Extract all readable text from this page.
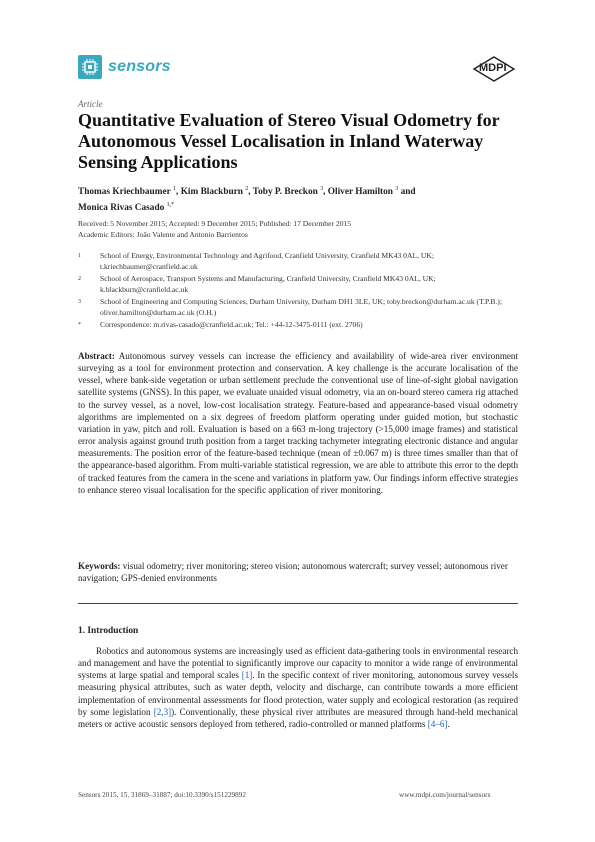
sensors	MDPI
Article
Quantitative Evaluation of Stereo Visual Odometry for Autonomous Vessel Localisation in Inland Waterway Sensing Applications
Thomas Kriechbaumer $^1$, Kim Blackburn $^2$, Toby P. Breckon $^3$, Oliver Hamilton $^3$ and
Monica Rivas Casado $^{1,*}$
Received: 5 November 2015; Accepted: 9 December 2015; Published: 17 December 2015
Academic Editors: João Valente and Antonio Barrientos
1	School of Energy, Environmental Technology and Agrifood, Cranfield University, Cranfield MK43 0AL, UK; t.kriechbaumer@cranfield.ac.uk
2	School of Aerospace, Transport Systems and Manufacturing, Cranfield University, Cranfield MK43 0AL, UK; k.blackburn@cranfield.ac.uk
3	School of Engineering and Computing Sciences, Durham University, Durham DH1 3LE, UK; toby.breckon@durham.ac.uk (T.P.B.); oliver.hamilton@durham.ac.uk (O.H.)
*	Correspondence: m.rivas-casado@cranfield.ac.uk; Tel.: +44-12-3475-0111 (ext. 2706)
Abstract: Autonomous survey vessels can increase the efficiency and availability of wide-area river environment surveying as a tool for environment protection and conservation. A key challenge is the accurate localisation of the vessel, where bank-side vegetation or urban settlement preclude the conventional use of line-of-sight global navigation satellite systems (GNSS). In this paper, we evaluate unaided visual odometry, via an on-board stereo camera rig attached to the survey vessel, as a novel, low-cost localisation strategy. Feature-based and appearance-based visual odometry algorithms are implemented on a six degrees of freedom platform operating under guided motion, but stochastic variation in yaw, pitch and roll. Evaluation is based on a 663 m-long trajectory (>15,000 image frames) and statistical error analysis against ground truth position from a target tracking tachymeter integrating electronic distance and angular measurements. The position error of the feature-based technique (mean of ±0.067 m) is three times smaller than that of the appearance-based algorithm. From multi-variable statistical regression, we are able to attribute this error to the depth of tracked features from the camera in the scene and variations in platform yaw. Our findings inform effective strategies to enhance stereo visual localisation for the specific application of river monitoring.
Keywords: visual odometry; river monitoring; stereo vision; autonomous watercraft; survey vessel; autonomous river navigation; GPS-denied environments
1. Introduction
Robotics and autonomous systems are increasingly used as efficient data-gathering tools in environmental research and management and have the potential to significantly improve our capacity to monitor a wide range of environmental systems at large spatial and temporal scales [1]. In the specific context of river monitoring, autonomous survey vessels measuring physical attributes, such as water depth, velocity and discharge, can contribute towards a more efficient implementation of environmental assessments for flood protection, water supply and ecological restoration (as required by some legislation [2,3]). Conventionally, these physical river attributes are measured through hand-held mechanical meters or active acoustic sensors deployed from tethered, radio-controlled or manned platforms [4–6].
Sensors 2015, 15, 31869–31887; doi:10.3390/s151229892	www.mdpi.com/journal/sensors
